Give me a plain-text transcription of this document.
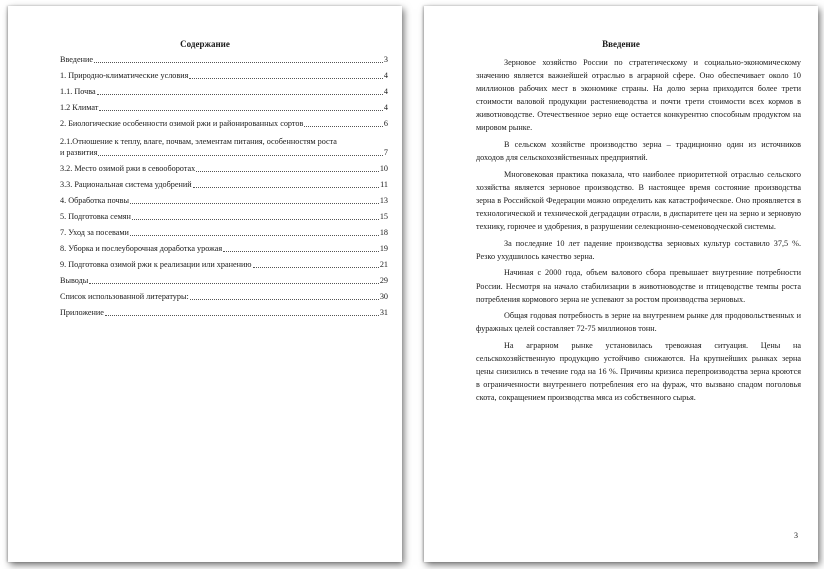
Содержание
Введение	3
1. Природно-климатические условия	4
1.1. Почва	4
1.2 Климат	4
2. Биологические особенности озимой ржи и районированных сортов	6
2.1.Отношение к теплу, влаге, почвам, элементам питания, особенностям роста
и развития	7
3.2. Место озимой ржи в севооборотах	10
3.3. Рациональная система удобрений	11
4. Обработка почвы	13
5. Подготовка семян	15
7. Уход за посевами	18
8. Уборка и послеуборочная доработка урожая	19
9. Подготовка озимой ржи к реализации или хранению	21
Выводы	29
Список использованной литературы:	30
Приложение	31
Введение

Зерновое хозяйство России по стратегическому и социально-экономическому значению является важнейшей отраслью в аграрной сфере. Оно обеспечивает около 10 миллионов рабочих мест в экономике страны. На долю зерна приходится более трети стоимости валовой продукции растениеводства и почти трети стоимости всех кормов в животноводстве. Отечественное зерно еще остается конкурентно способным продуктом на мировом рынке.

В сельском хозяйстве производство зерна – традиционно один из источников доходов для сельскохозяйственных предприятий.

Многовековая практика показала, что наиболее приоритетной отраслью сельского хозяйства является зерновое производство. В настоящее время состояние производства зерна в Российской Федерации можно определить как катастрофическое. Оно проявляется в технологической и технической деградации отрасли, в диспаритете цен на зерно и зерновую технику, горючее и удобрения, в разрушении селекционно-семеноводческой системы.

За последние 10 лет падение производства зерновых культур составило 37,5 %. Резко ухудшилось качество зерна.

Начиная с 2000 года, объем валового сбора превышает внутренние потребности России. Несмотря на начало стабилизации в животноводстве и птицеводстве темпы роста потребления кормового зерна не успевают за ростом производства зерновых.

Общая годовая потребность в зерне на внутреннем рынке для продовольственных и фуражных целей составляет 72-75 миллионов тонн.

На аграрном рынке установилась тревожная ситуация. Цены на сельскохозяйственную продукцию устойчиво снижаются. На крупнейших рынках зерна цены снизились в течение года на 16 %. Причины кризиса перепроизводства зерна кроются в ограниченности внутреннего потребления его на фураж, что вызвано спадом поголовья скота, сокращением производства мяса из собственного сырья.

3
